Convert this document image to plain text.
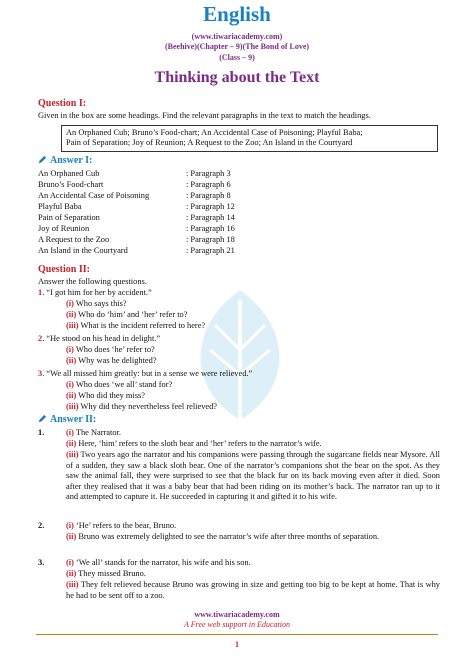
English
(www.tiwariacademy.com)
(Beehive)(Chapter – 9)(The Bond of Love)
(Class – 9)
Thinking about the Text
Question I:
Given in the box are some headings. Find the relevant paragraphs in the text to match the headings.
An Orphaned Cub; Bruno’s Food-chart; An Accidental Case of Poisoning; Playful Baba;
Pain of Separation; Joy of Reunion; A Request to the Zoo; An Island in the Courtyard
Answer I:
An Orphaned Cub	: Paragraph 3
Bruno’s Food-chart	: Paragraph 6
An Accidental Case of Poisoning	: Paragraph 8
Playful Baba	: Paragraph 12
Pain of Separation	: Paragraph 14
Joy of Reunion	: Paragraph 16
A Request to the Zoo	: Paragraph 18
An Island in the Courtyard	: Paragraph 21
Question II:
Answer the following questions.
1. “I got him for her by accident.”
(i) Who says this?
(ii) Who do ‘him’ and ‘her’ refer to?
(iii) What is the incident referred to here?
2. “He stood on his head in delight.”
(i) Who does ‘he’ refer to?
(ii) Why was he delighted?
3. “We all missed him greatly: but in a sense we were relieved.”
(i) Who does ‘we all’ stand for?
(ii) Who did they miss?
(iii) Why did they nevertheless feel relieved?
Answer II:
1.	(i) The Narrator.
(ii) Here, ‘him’ refers to the sloth bear and ‘her’ refers to the narrator’s wife.
(iii) Two years ago the narrator and his companions were passing through the sugarcane fields near Mysore. All of a sudden, they saw a black sloth bear. One of the narrator’s companions shot the bear on the spot. As they saw the animal fall, they were surprised to see that the black fur on its back moving even after it died. Soon after they realised that it was a baby bear that had been riding on its mother’s back. The narrator ran up to it and attempted to capture it. He succeeded in capturing it and gifted it to his wife.
2.	(i) ‘He’ refers to the bear, Bruno.
(ii) Bruno was extremely delighted to see the narrator’s wife after three months of separation.
3.	(i) ‘We all’ stands for the narrator, his wife and his son.
(ii) They missed Bruno.
(iii) They felt relieved because Bruno was growing in size and getting too big to be kept at home. That is why he had to be sent off to a zoo.
www.tiwariacademy.com
A Free web support in Education
1
